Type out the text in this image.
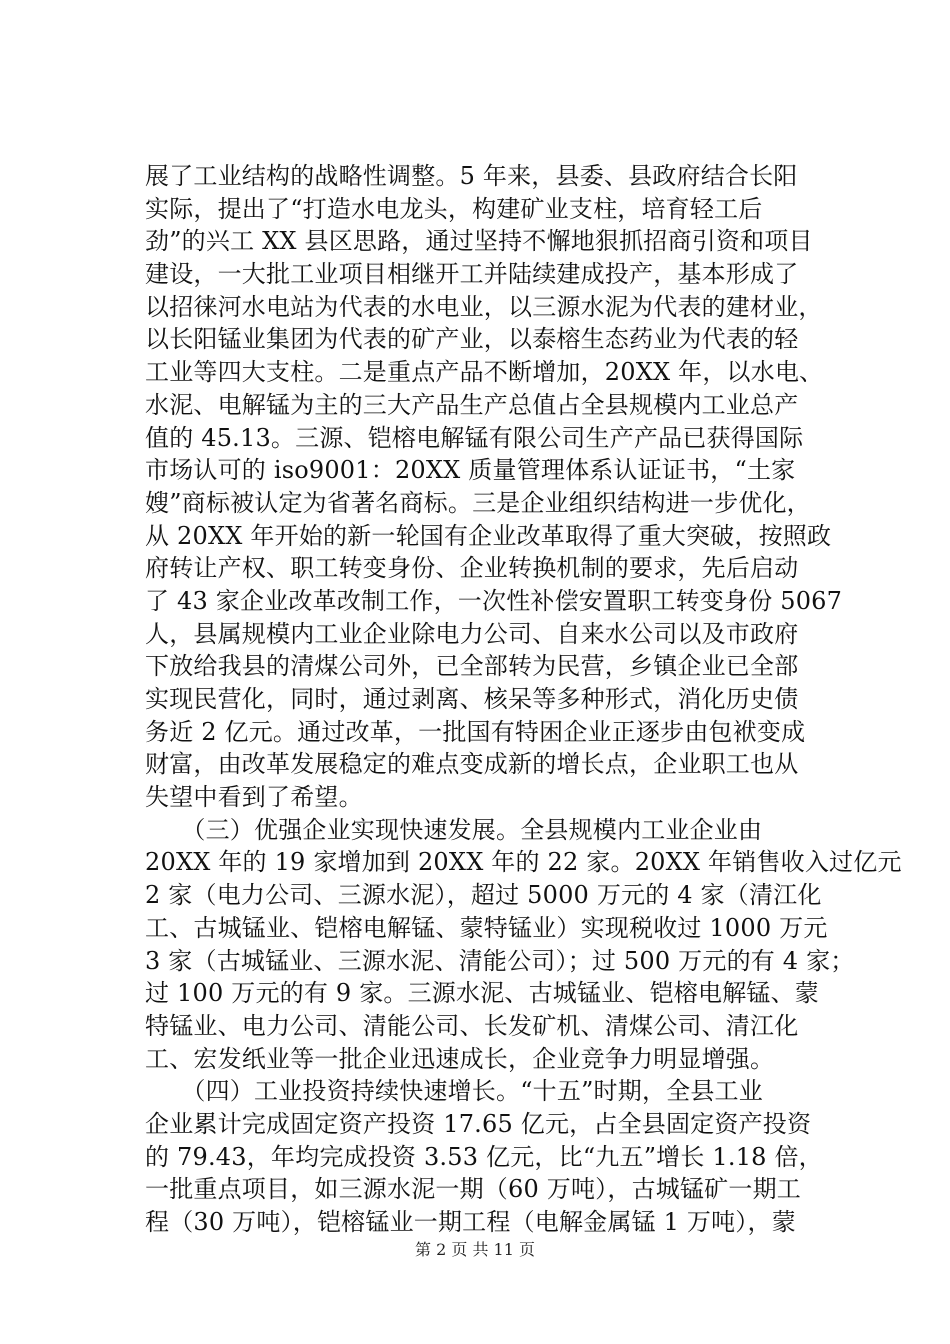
展了工业结构的战略性调整。5 年来，县委、县政府结合长阳
实际，提出了“打造水电龙头，构建矿业支柱，培育轻工后
劲”的兴工 XX 县区思路，通过坚持不懈地狠抓招商引资和项目
建设，一大批工业项目相继开工并陆续建成投产，基本形成了
以招徕河水电站为代表的水电业，以三源水泥为代表的建材业，
以长阳锰业集团为代表的矿产业，以泰榕生态药业为代表的轻
工业等四大支柱。二是重点产品不断增加，20XX 年，以水电、
水泥、电解锰为主的三大产品生产总值占全县规模内工业总产
值的 45.13。三源、铠榕电解锰有限公司生产产品已获得国际
市场认可的 iso9001：20XX 质量管理体系认证证书，“土家
嫂”商标被认定为省著名商标。三是企业组织结构进一步优化，
从 20XX 年开始的新一轮国有企业改革取得了重大突破，按照政
府转让产权、职工转变身份、企业转换机制的要求，先后启动
了 43 家企业改革改制工作，一次性补偿安置职工转变身份 5067
人，县属规模内工业企业除电力公司、自来水公司以及市政府
下放给我县的清煤公司外，已全部转为民营，乡镇企业已全部
实现民营化，同时，通过剥离、核呆等多种形式，消化历史债
务近 2 亿元。通过改革，一批国有特困企业正逐步由包袱变成
财富，由改革发展稳定的难点变成新的增长点，企业职工也从
失望中看到了希望。
　　（三）优强企业实现快速发展。全县规模内工业企业由
20XX 年的 19 家增加到 20XX 年的 22 家。20XX 年销售收入过亿元
2 家（电力公司、三源水泥），超过 5000 万元的 4 家（清江化
工、古城锰业、铠榕电解锰、蒙特锰业）实现税收过 1000 万元
3 家（古城锰业、三源水泥、清能公司）；过 500 万元的有 4 家；
过 100 万元的有 9 家。三源水泥、古城锰业、铠榕电解锰、蒙
特锰业、电力公司、清能公司、长发矿机、清煤公司、清江化
工、宏发纸业等一批企业迅速成长，企业竞争力明显增强。
　　（四）工业投资持续快速增长。“十五”时期，全县工业
企业累计完成固定资产投资 17.65 亿元，占全县固定资产投资
的 79.43，年均完成投资 3.53 亿元，比“九五”增长 1.18 倍，
一批重点项目，如三源水泥一期（60 万吨），古城锰矿一期工
程（30 万吨），铠榕锰业一期工程（电解金属锰 1 万吨），蒙
第 2 页 共 11 页
